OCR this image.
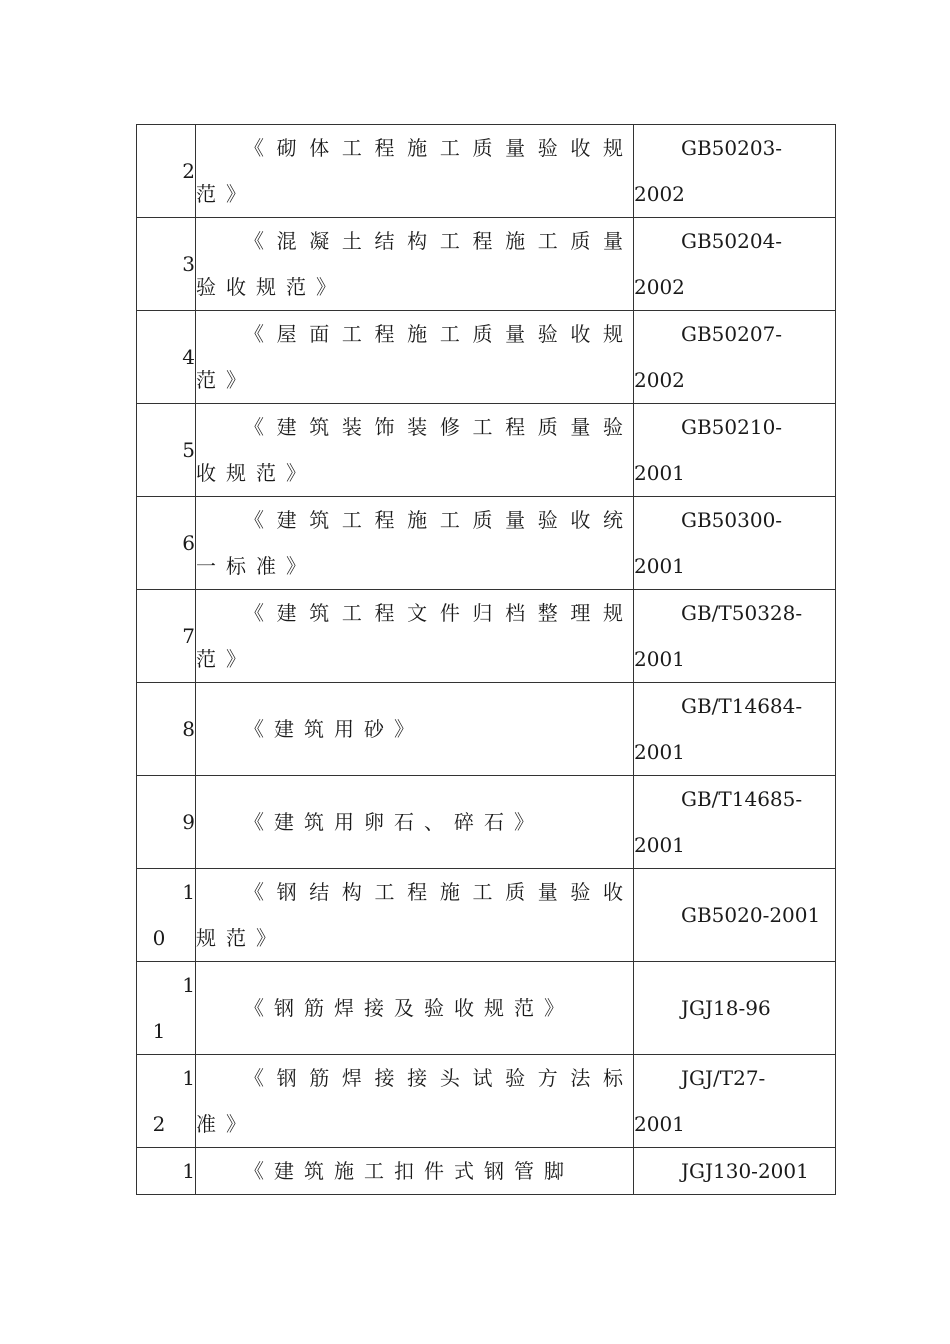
2	《砌体工程施工质量验收规范》	GB50203-
2002

3	《混凝土结构工程施工质量验收规范》	GB50204-
2002

4	《屋面工程施工质量验收规范》	GB50207-
2002

5	《建筑装饰装修工程质量验收规范》	GB50210-
2001

6	《建筑工程施工质量验收统一标准》	GB50300-
2001

7	《建筑工程文件归档整理规范》	GB/T50328-
2001

8	《建筑用砂》	GB/T14684-
2001

9	《建筑用卵石、碎石》	GB/T14685-
2001

1
0	《钢结构工程施工质量验收规范》	GB5020-2001

1
1	《钢筋焊接及验收规范》	JGJ18-96

1
2	《钢筋焊接接头试验方法标准》	JGJ/T27-
2001

1	《建筑施工扣件式钢管脚	JGJ130-2001
